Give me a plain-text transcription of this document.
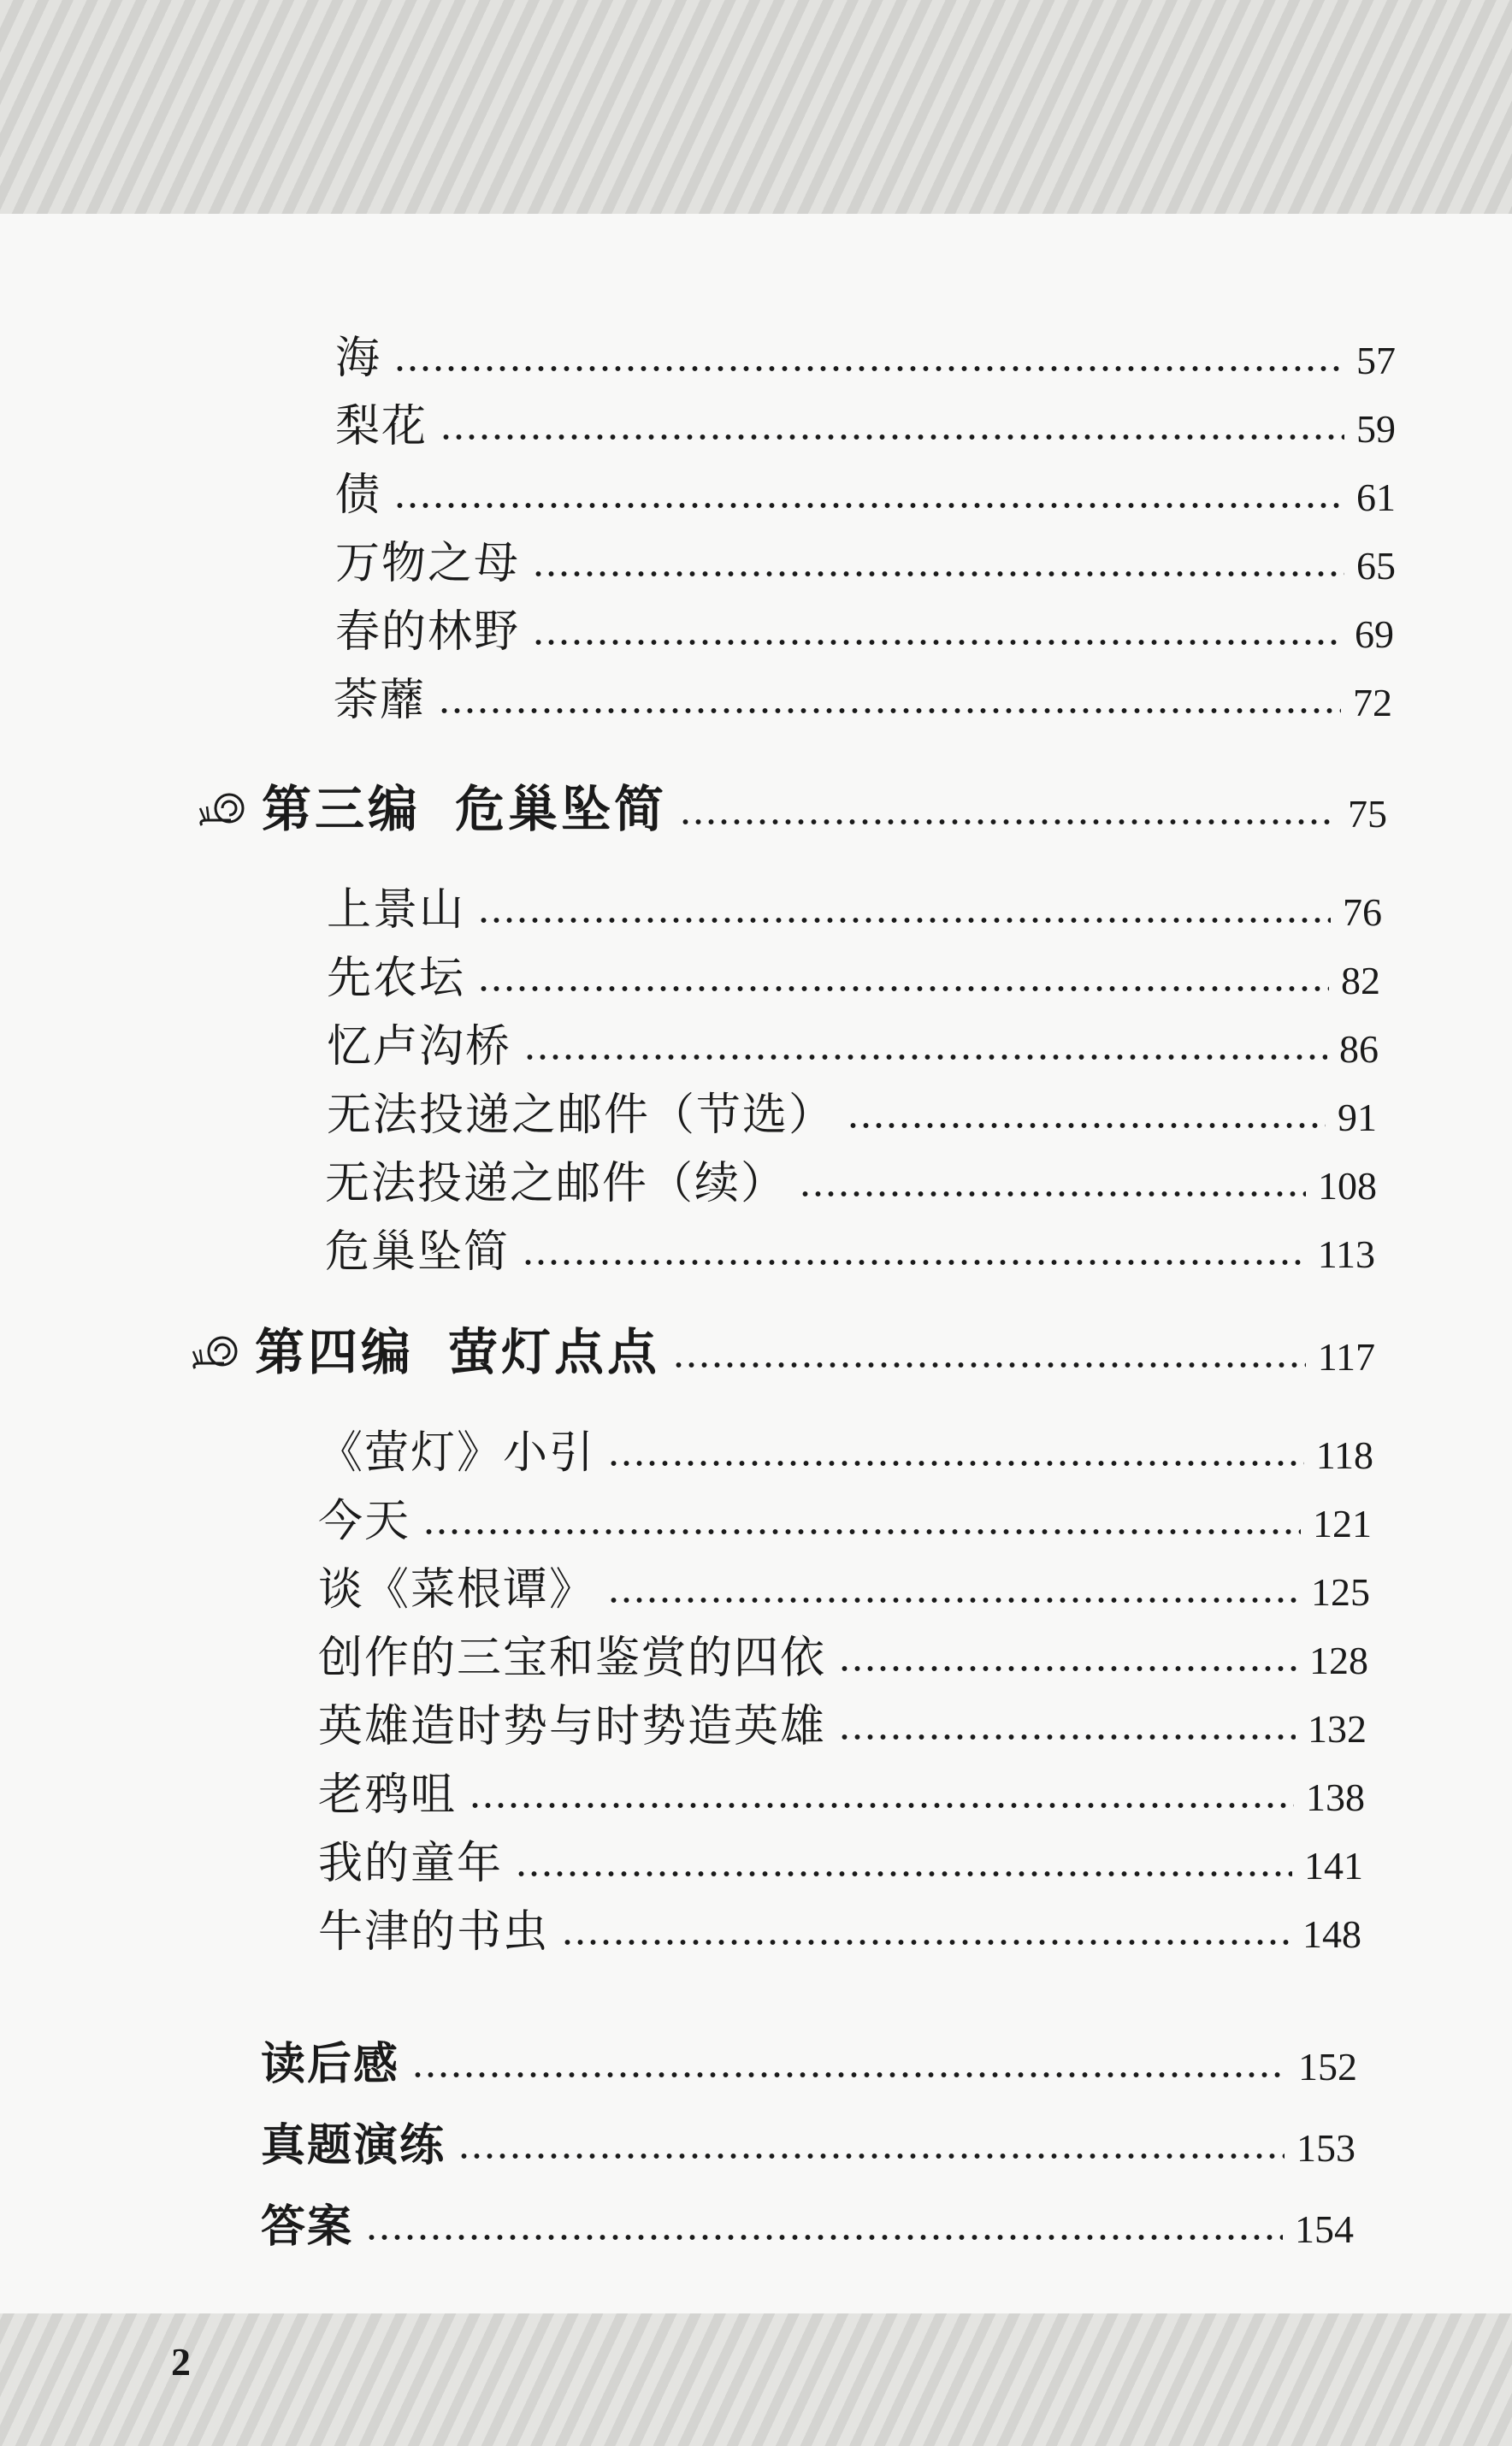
海	57
梨花	59
债	61
万物之母	65
春的林野	69
荼蘼	72
第三编 危巢坠简	75
上景山	76
先农坛	82
忆卢沟桥	86
无法投递之邮件（节选）	91
无法投递之邮件（续）	108
危巢坠简	113
第四编 萤灯点点	117
《萤灯》小引	118
今天	121
谈《菜根谭》	125
创作的三宝和鉴赏的四依	128
英雄造时势与时势造英雄	132
老鸦咀	138
我的童年	141
牛津的书虫	148
读后感	152
真题演练	153
答案	154
2
